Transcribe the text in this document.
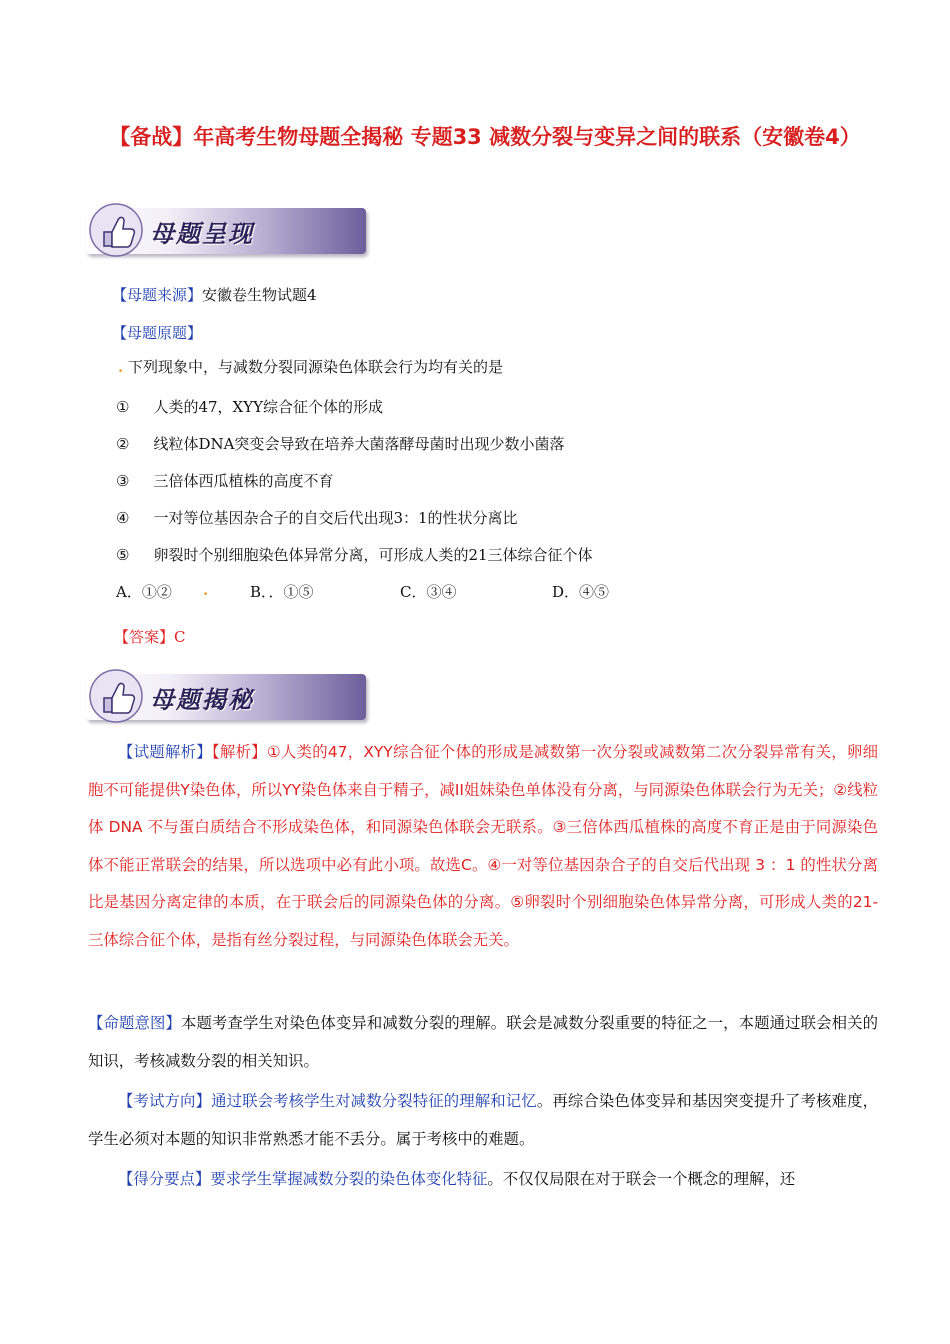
【备战】年高考生物母题全揭秘 专题33 减数分裂与变异之间的联系（安徽卷4）
母题呈现
【母题来源】安徽卷生物试题4
【母题原题】
. 下列现象中，与减数分裂同源染色体联会行为均有关的是
① 人类的47，XYY综合征个体的形成
② 线粒体DNA突变会导致在培养大菌落酵母菌时出现少数小菌落
③ 三倍体西瓜植株的高度不育
④ 一对等位基因杂合子的自交后代出现3：1的性状分离比
⑤ 卵裂时个别细胞染色体异常分离，可形成人类的21三体综合征个体
A．①② .	B．．①⑤	C．③④	D．④⑤
【答案】C
母题揭秘
【试题解析】【解析】①人类的47，XYY综合征个体的形成是减数第一次分裂或减数第二次分裂异常有关，卵细胞不可能提供Y染色体，所以YY染色体来自于精子，减II姐妹染色单体没有分离，与同源染色体联会行为无关；②线粒体 DNA 不与蛋白质结合不形成染色体，和同源染色体联会无联系。③三倍体西瓜植株的高度不育正是由于同源染色体不能正常联会的结果，所以选项中必有此小项。故选C。④一对等位基因杂合子的自交后代出现 3 ：1 的性状分离比是基因分离定律的本质，在于联会后的同源染色体的分离。⑤卵裂时个别细胞染色体异常分离，可形成人类的21-三体综合征个体，是指有丝分裂过程，与同源染色体联会无关。
【命题意图】本题考查学生对染色体变异和减数分裂的理解。联会是减数分裂重要的特征之一，本题通过联会相关的知识，考核减数分裂的相关知识。
【考试方向】通过联会考核学生对减数分裂特征的理解和记忆。再综合染色体变异和基因突变提升了考核难度，学生必须对本题的知识非常熟悉才能不丢分。属于考核中的难题。
【得分要点】要求学生掌握减数分裂的染色体变化特征。不仅仅局限在对于联会一个概念的理解，还
